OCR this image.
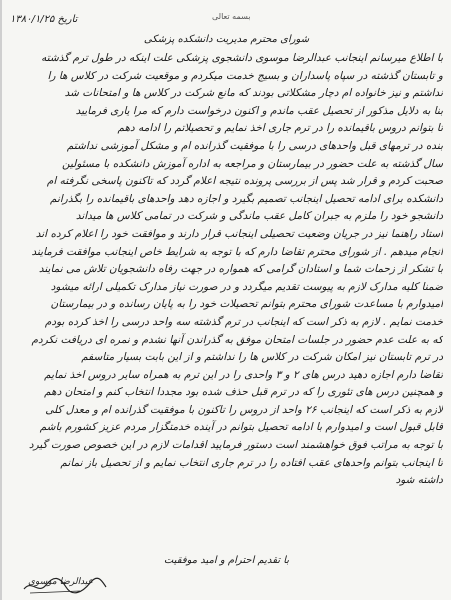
بسمه تعالی
تاریخ ۱۳۸۰/۱/۲۵
شورای محترم مدیریت دانشکده پزشکی
با اطلاع میرسانم اینجانب عبدالرضا موسوی دانشجوی پزشکی علت اینکه در طول ترم گذشته
و تابستان گذشته در سپاه پاسداران و بسیج خدمت میکردم و موقعیت شرکت در کلاس ها را
نداشتم و نیز خانواده ام دچار مشکلاتی بودند که مانع شرکت در کلاس ها و امتحانات شد
بنا به دلایل مذکور از تحصیل عقب ماندم و اکنون درخواست دارم که مرا یاری فرمایید
تا بتوانم دروس باقیمانده را در ترم جاری اخذ نمایم و تحصیلاتم را ادامه دهم
بنده در ترمهای قبل واحدهای درسی را با موفقیت گذرانده ام و مشکل آموزشی نداشتم
سال گذشته به علت حضور در بیمارستان و مراجعه به اداره آموزش دانشکده با مسئولین
صحبت کردم و قرار شد پس از بررسی پرونده نتیجه اعلام گردد که تاکنون پاسخی نگرفته ام
دانشکده برای ادامه تحصیل اینجانب تصمیم بگیرد و اجازه دهد واحدهای باقیمانده را بگذرانم
دانشجو خود را ملزم به جبران کامل عقب ماندگی و شرکت در تمامی کلاس ها میداند
استاد راهنما نیز در جریان وضعیت تحصیلی اینجانب قرار دارند و موافقت خود را اعلام کرده اند
انجام میدهم . از شورای محترم تقاضا دارم که با توجه به شرایط خاص اینجانب موافقت فرمایند
با تشکر از زحمات شما و استادان گرامی که همواره در جهت رفاه دانشجویان تلاش می نمایند
ضمنا کلیه مدارک لازم به پیوست تقدیم میگردد و در صورت نیاز مدارک تکمیلی ارائه میشود
امیدوارم با مساعدت شورای محترم بتوانم تحصیلات خود را به پایان رسانده و در بیمارستان
خدمت نمایم . لازم به ذکر است که اینجانب در ترم گذشته سه واحد درسی را اخذ کرده بودم
که به علت عدم حضور در جلسات امتحان موفق به گذراندن آنها نشدم و نمره ای دریافت نکردم
در ترم تابستان نیز امکان شرکت در کلاس ها را نداشتم و از این بابت بسیار متاسفم
تقاضا دارم اجازه دهید درس های ۲ و ۳ واحدی را در این ترم به همراه سایر دروس اخذ نمایم
و همچنین درس های تئوری را که در ترم قبل حذف شده بود مجددا انتخاب کنم و امتحان دهم
لازم به ذکر است که اینجانب ۲۶ واحد از دروس را تاکنون با موفقیت گذرانده ام و معدل کلی
قابل قبول است و امیدوارم با ادامه تحصیل بتوانم در آینده خدمتگزار مردم عزیز کشورم باشم
با توجه به مراتب فوق خواهشمند است دستور فرمایید اقدامات لازم در این خصوص صورت گیرد
تا اینجانب بتوانم واحدهای عقب افتاده را در ترم جاری انتخاب نمایم و از تحصیل باز نمانم
داشته شود
با تقدیم احترام و امید موفقیت
عبدالرضا موسوی
